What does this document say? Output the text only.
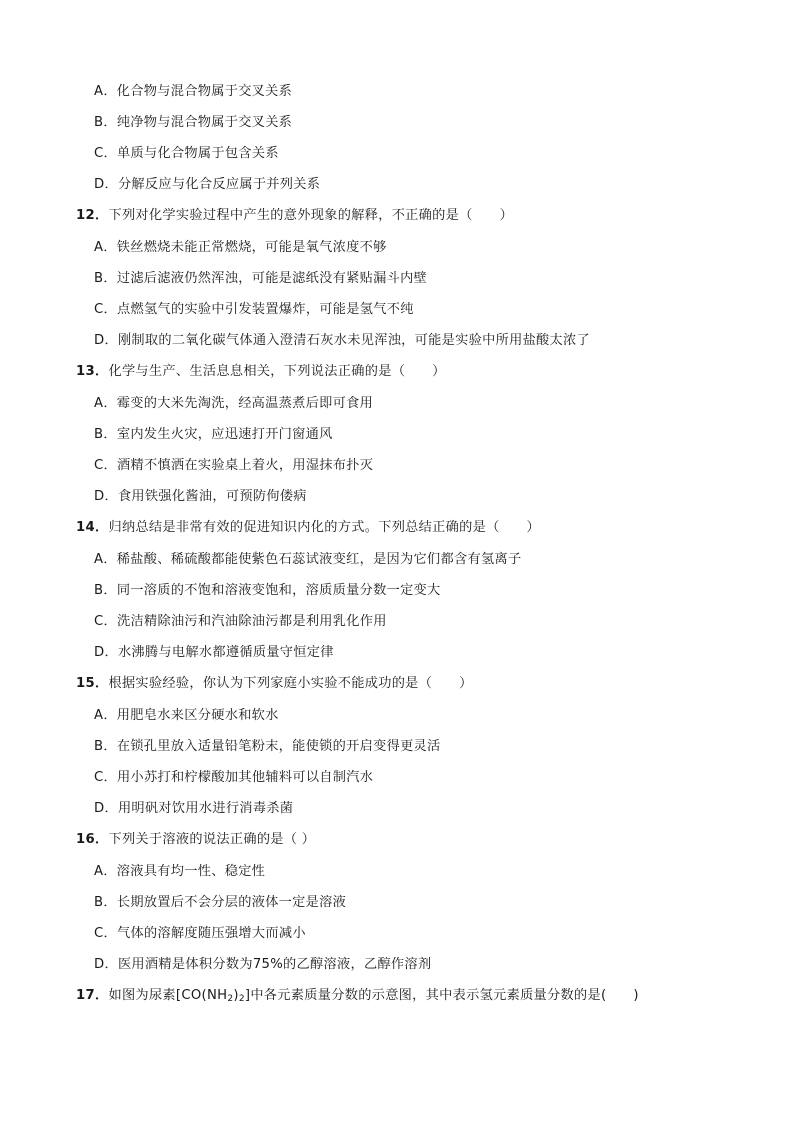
A．化合物与混合物属于交叉关系
B．纯净物与混合物属于交叉关系
C．单质与化合物属于包含关系
D．分解反应与化合反应属于并列关系
12．下列对化学实验过程中产生的意外现象的解释，不正确的是（　　）
A．铁丝燃烧未能正常燃烧，可能是氧气浓度不够
B．过滤后滤液仍然浑浊，可能是滤纸没有紧贴漏斗内壁
C．点燃氢气的实验中引发装置爆炸，可能是氢气不纯
D．刚制取的二氧化碳气体通入澄清石灰水未见浑浊，可能是实验中所用盐酸太浓了
13．化学与生产、生活息息相关，下列说法正确的是（　　）
A．霉变的大米先淘洗，经高温蒸煮后即可食用
B．室内发生火灾，应迅速打开门窗通风
C．酒精不慎洒在实验桌上着火，用湿抹布扑灭
D．食用铁强化酱油，可预防佝偻病
14．归纳总结是非常有效的促进知识内化的方式。下列总结正确的是（　　）
A．稀盐酸、稀硫酸都能使紫色石蕊试液变红，是因为它们都含有氢离子
B．同一溶质的不饱和溶液变饱和，溶质质量分数一定变大
C．洗洁精除油污和汽油除油污都是利用乳化作用
D．水沸腾与电解水都遵循质量守恒定律
15．根据实验经验，你认为下列家庭小实验不能成功的是（　　）
A．用肥皂水来区分硬水和软水
B．在锁孔里放入适量铅笔粉末，能使锁的开启变得更灵活
C．用小苏打和柠檬酸加其他辅料可以自制汽水
D．用明矾对饮用水进行消毒杀菌
16．下列关于溶液的说法正确的是（ ）
A．溶液具有均一性、稳定性
B．长期放置后不会分层的液体一定是溶液
C．气体的溶解度随压强增大而减小
D．医用酒精是体积分数为75%的乙醇溶液，乙醇作溶剂
17．如图为尿素$[CO(NH_2)_2]$中各元素质量分数的示意图，其中表示氢元素质量分数的是(　　)
